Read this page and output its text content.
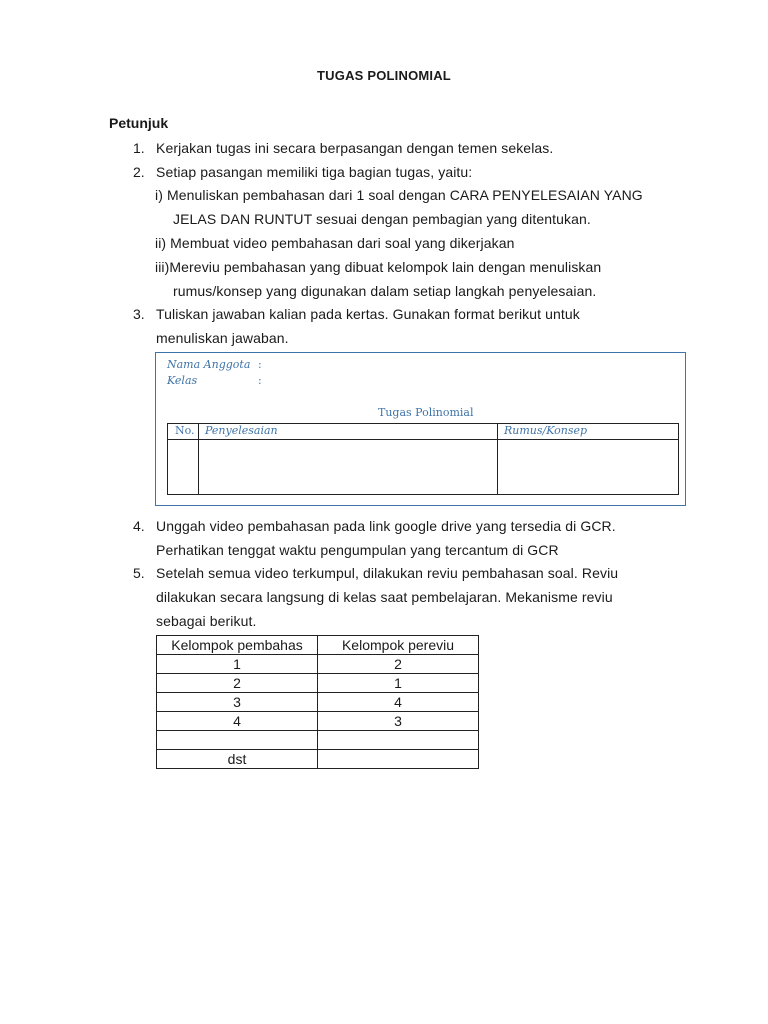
TUGAS POLINOMIAL
Petunjuk
1. Kerjakan tugas ini secara berpasangan dengan temen sekelas.
2. Setiap pasangan memiliki tiga bagian tugas, yaitu:
i) Menuliskan pembahasan dari 1 soal dengan CARA PENYELESAIAN YANG
JELAS DAN RUNTUT sesuai dengan pembagian yang ditentukan.
ii) Membuat video pembahasan dari soal yang dikerjakan
iii)Mereviu pembahasan yang dibuat kelompok lain dengan menuliskan
rumus/konsep yang digunakan dalam setiap langkah penyelesaian.
3. Tuliskan jawaban kalian pada kertas. Gunakan format berikut untuk
menuliskan jawaban.
Nama Anggota :
Kelas	:
Tugas Polinomial
No. Penyelesaian	Rumus/Konsep
4. Unggah video pembahasan pada link google drive yang tersedia di GCR.
Perhatikan tenggat waktu pengumpulan yang tercantum di GCR
5. Setelah semua video terkumpul, dilakukan reviu pembahasan soal. Reviu
dilakukan secara langsung di kelas saat pembelajaran. Mekanisme reviu
sebagai berikut.
Kelompok pembahas	Kelompok pereviu
1	2
2	1
3	4
4	3

dst	
